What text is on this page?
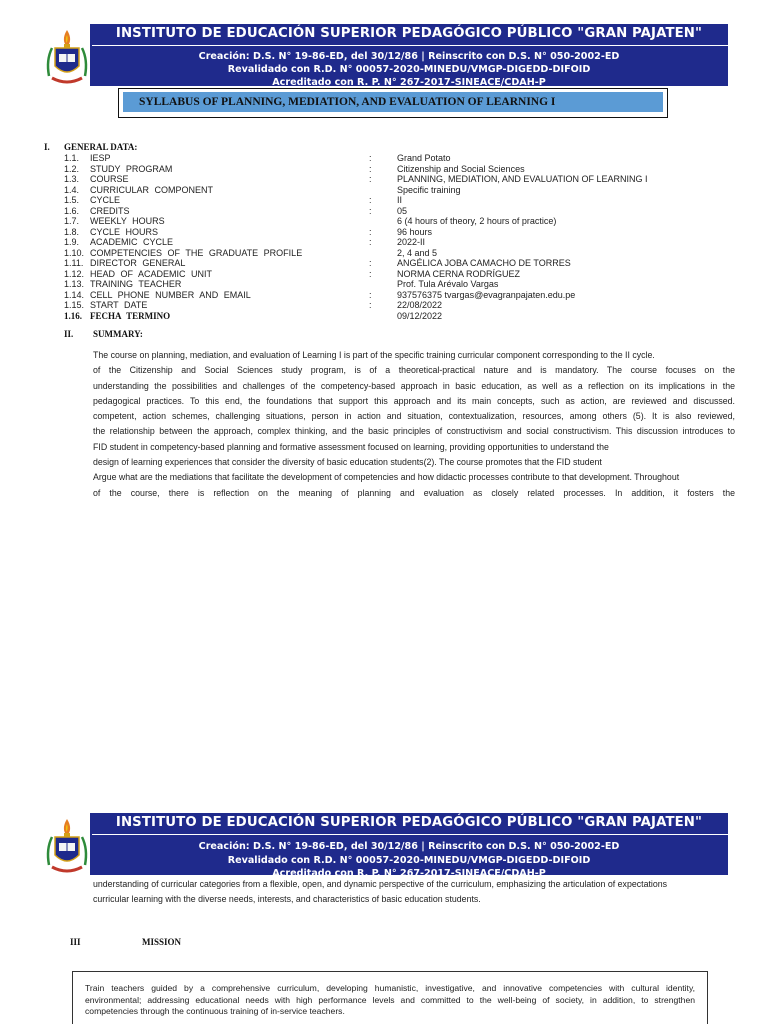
INSTITUTO DE EDUCACIÓN SUPERIOR PEDAGÓGICO PÚBLICO "GRAN PAJATEN"
Creación: D.S. N° 19-86-ED, del 30/12/86 | Reinscrito con D.S. N° 050-2002-ED
Revalidado con R.D. N° 00057-2020-MINEDU/VMGP-DIGEDD-DIFOID
Acreditado con R. P. N° 267-2017-SINEACE/CDAH-P
SYLLABUS OF PLANNING, MEDIATION, AND EVALUATION OF LEARNING I
I. GENERAL DATA:
1.1.	IESP	:	Grand Potato
1.2.	STUDY PROGRAM	:	Citizenship and Social Sciences
1.3.	COURSE	:	PLANNING, MEDIATION, AND EVALUATION OF LEARNING I
1.4.	CURRICULAR COMPONENT	Specific training
1.5.	CYCLE	:	II
1.6.	CREDITS	:	05
1.7.	WEEKLY HOURS	6 (4 hours of theory, 2 hours of practice)
1.8.	CYCLE HOURS	:	96 hours
1.9.	ACADEMIC CYCLE	:	2022-II
1.10. COMPETENCIES OF THE GRADUATE PROFILE	2, 4 and 5
1.11. DIRECTOR GENERAL	:	ANGÉLICA JOBA CAMACHO DE TORRES
1.12. HEAD OF ACADEMIC UNIT	:	NORMA CERNA RODRÍGUEZ
1.13. TRAINING TEACHER	Prof. Tula Arévalo Vargas
1.14. CELL PHONE NUMBER AND EMAIL	:	937576375 tvargas@evagranpajaten.edu.pe
1.15. START DATE	:	22/08/2022
1.16. FECHA TERMINO	09/12/2022
II. SUMMARY:
The course on planning, mediation, and evaluation of Learning I is part of the specific training curricular component corresponding to the II cycle.
of the Citizenship and Social Sciences study program, is of a theoretical-practical nature and is mandatory. The course focuses on the
understanding the possibilities and challenges of the competency-based approach in basic education, as well as a reflection on its implications in the
pedagogical practices. To this end, the foundations that support this approach and its main concepts, such as action, are reviewed and discussed.
competent, action schemes, challenging situations, person in action and situation, contextualization, resources, among others (5). It is also reviewed,
the relationship between the approach, complex thinking, and the basic principles of constructivism and social constructivism. This discussion introduces to
FID student in competency-based planning and formative assessment focused on learning, providing opportunities to understand the
design of learning experiences that consider the diversity of basic education students(2). The course promotes that the FID student
Argue what are the mediations that facilitate the development of competencies and how didactic processes contribute to that development. Throughout
of the course, there is reflection on the meaning of planning and evaluation as closely related processes. In addition, it fosters the
INSTITUTO DE EDUCACIÓN SUPERIOR PEDAGÓGICO PÚBLICO "GRAN PAJATEN"
Creación: D.S. N° 19-86-ED, del 30/12/86 | Reinscrito con D.S. N° 050-2002-ED
Revalidado con R.D. N° 00057-2020-MINEDU/VMGP-DIGEDD-DIFOID
Acreditado con R. P. N° 267-2017-SINEACE/CDAH-P
understanding of curricular categories from a flexible, open, and dynamic perspective of the curriculum, emphasizing the articulation of expectations
curricular learning with the diverse needs, interests, and characteristics of basic education students.
III	MISSION
Train teachers guided by a comprehensive curriculum, developing humanistic, investigative, and innovative competencies with cultural identity,
environmental; addressing educational needs with high performance levels and committed to the well-being of society, in addition, to strengthen
competencies through the continuous training of in-service teachers.
